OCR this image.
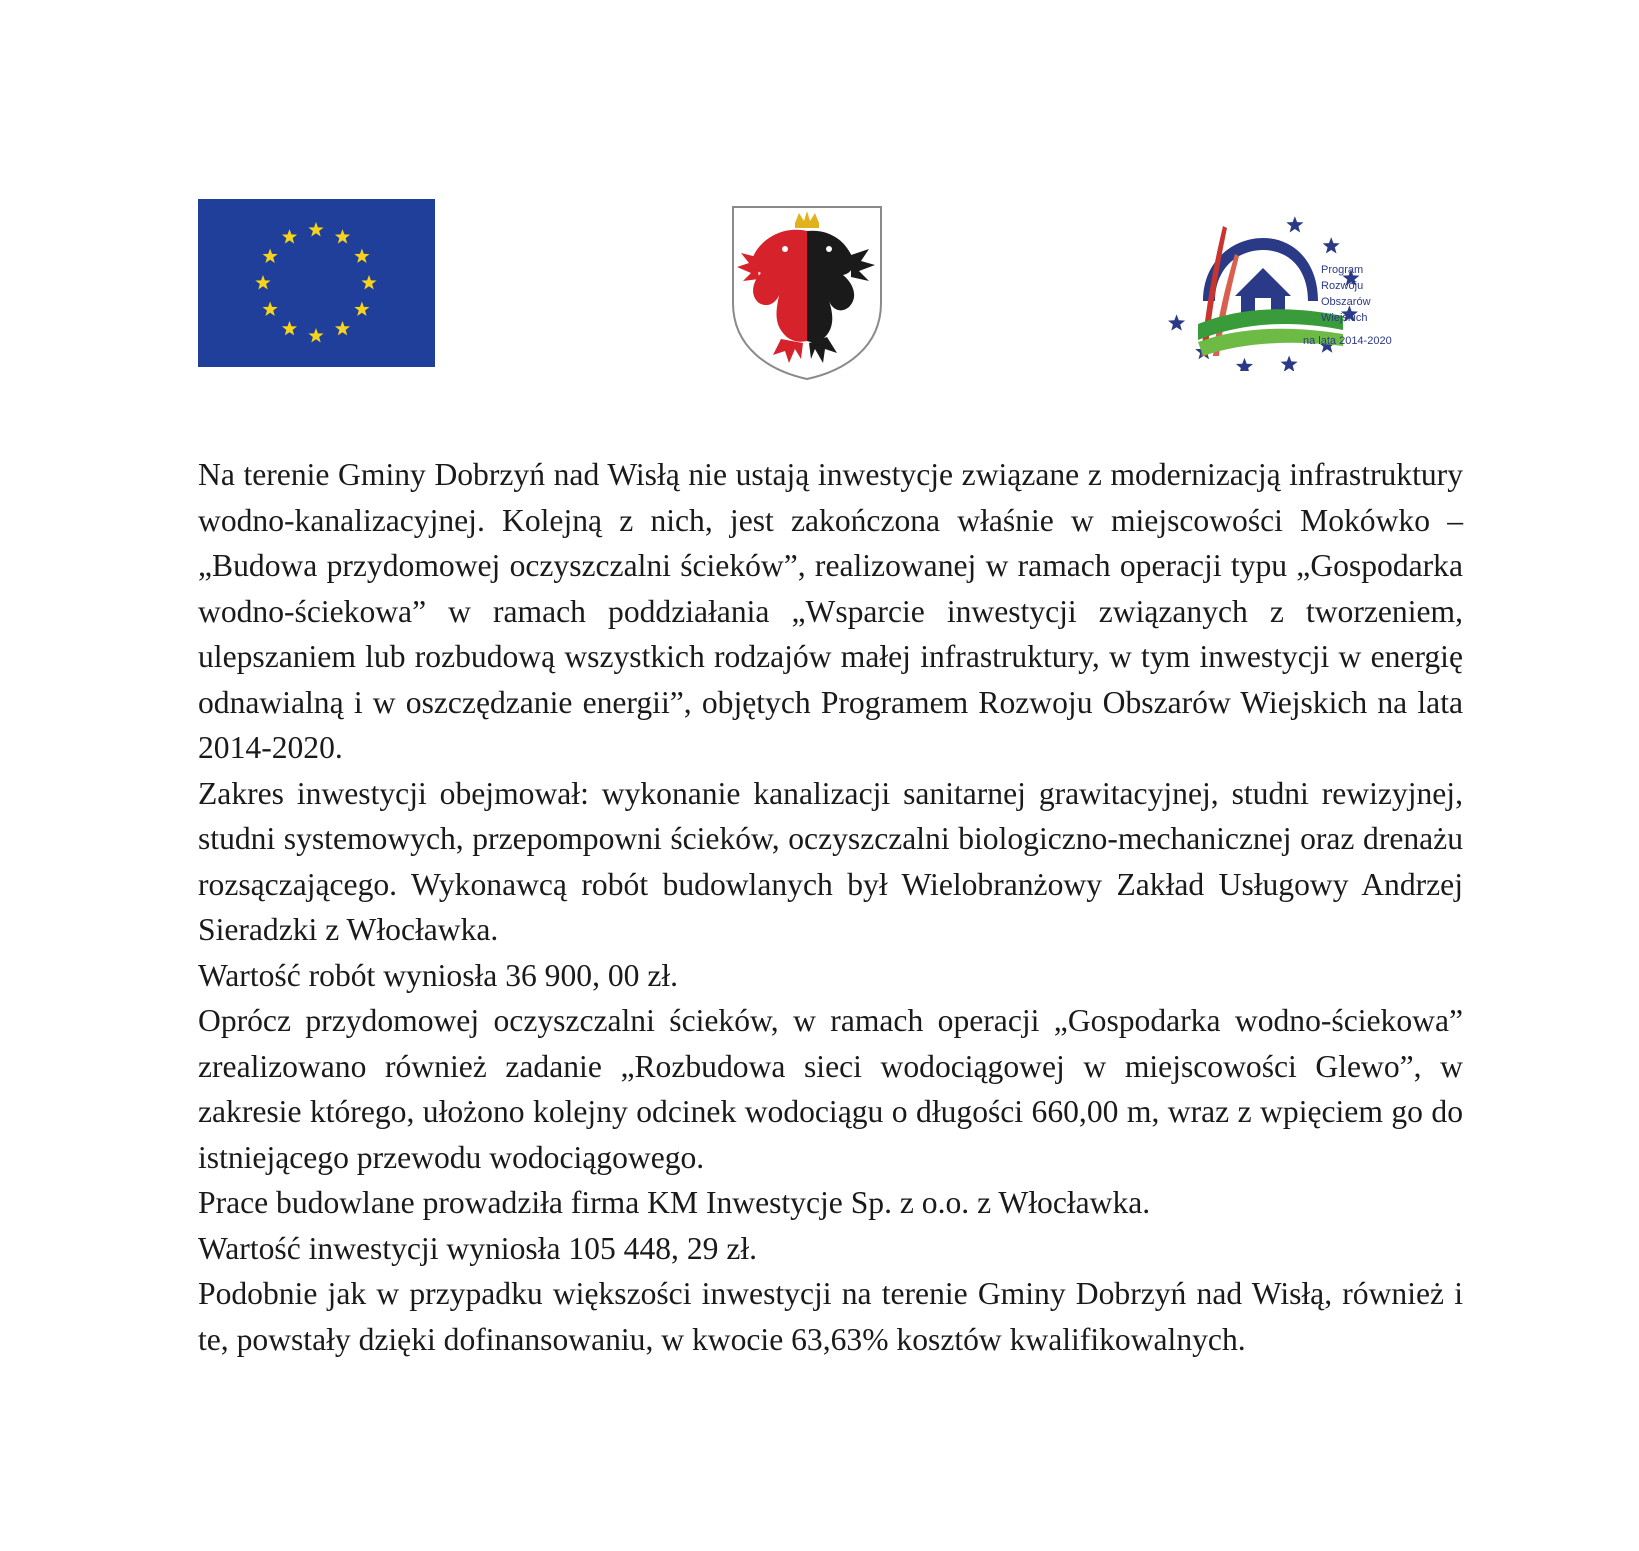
Program
Rozwoju
Obszarów
Wiejskich
na lata 2014-2020

Na terenie Gminy Dobrzyń nad Wisłą nie ustają inwestycje związane z modernizacją infrastruktury wodno-kanalizacyjnej. Kolejną z nich, jest zakończona właśnie w miejscowości Mokówko – „Budowa przydomowej oczyszczalni ścieków”, realizowanej w ramach operacji typu „Gospodarka wodno-ściekowa” w ramach poddziałania „Wsparcie inwestycji związanych z tworzeniem, ulepszaniem lub rozbudową wszystkich rodzajów małej infrastruktury, w tym inwestycji w energię odnawialną i w oszczędzanie energii”, objętych Programem Rozwoju Obszarów Wiejskich na lata 2014-2020.

Zakres inwestycji obejmował: wykonanie kanalizacji sanitarnej grawitacyjnej, studni rewizyjnej, studni systemowych, przepompowni ścieków, oczyszczalni biologiczno-mechanicznej oraz drenażu rozsączającego. Wykonawcą robót budowlanych był Wielobranżowy Zakład Usługowy Andrzej Sieradzki z Włocławka.

Wartość robót wyniosła 36 900, 00 zł.

Oprócz przydomowej oczyszczalni ścieków, w ramach operacji „Gospodarka wodno-ściekowa” zrealizowano również zadanie „Rozbudowa sieci wodociągowej w miejscowości Glewo”, w zakresie którego, ułożono kolejny odcinek wodociągu o długości 660,00 m, wraz z wpięciem go do istniejącego przewodu wodociągowego.

Prace budowlane prowadziła firma KM Inwestycje Sp. z o.o. z Włocławka.

Wartość inwestycji wyniosła 105 448, 29 zł.

Podobnie jak w przypadku większości inwestycji na terenie Gminy Dobrzyń nad Wisłą, również i te, powstały dzięki dofinansowaniu, w kwocie 63,63% kosztów kwalifikowalnych.
